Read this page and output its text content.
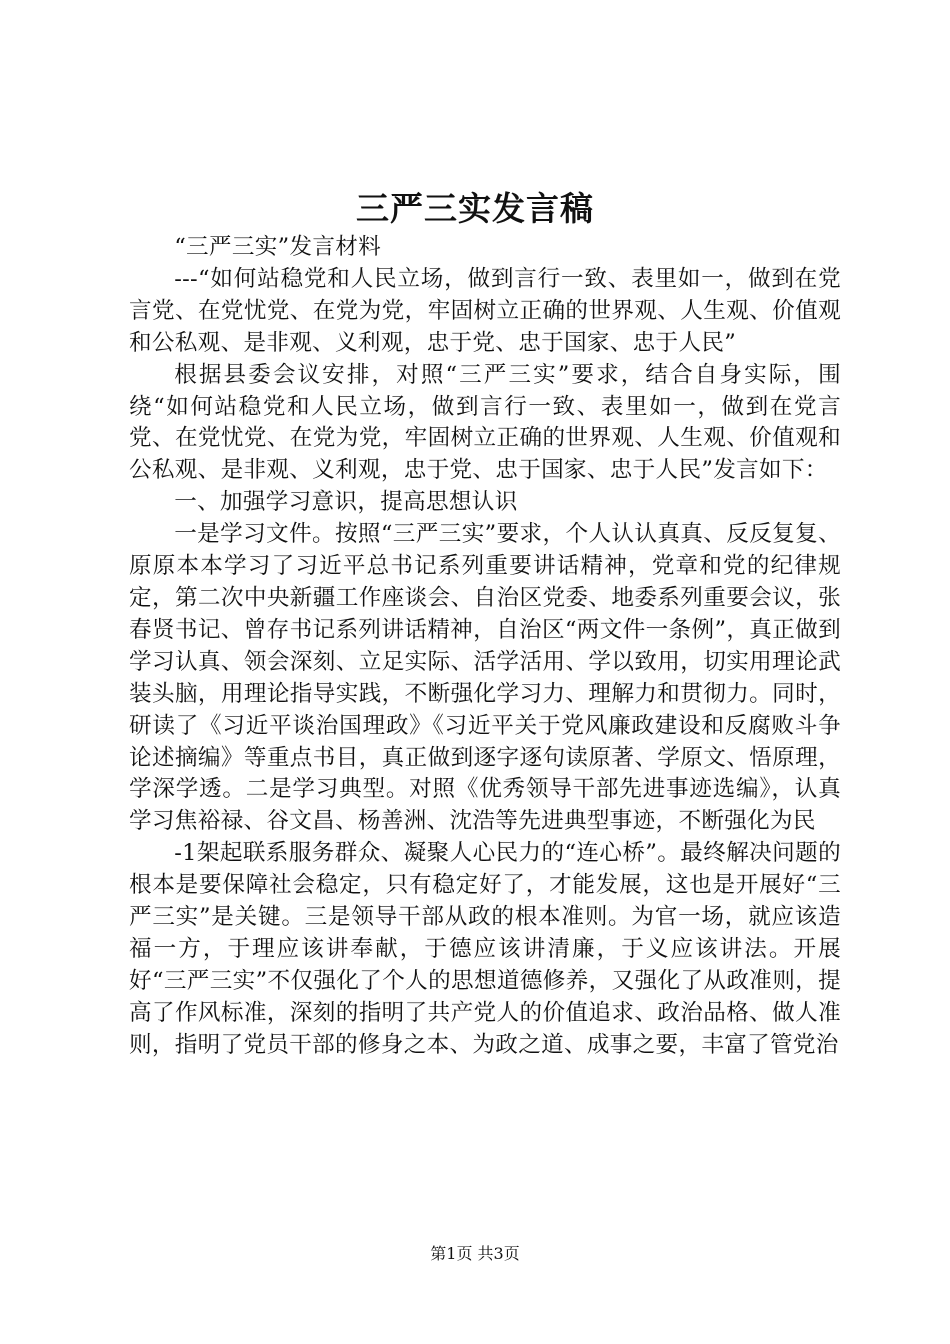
三严三实发言稿

“三严三实”发言材料

---“如何站稳党和人民立场，做到言行一致、表里如一，做到在党言党、在党忧党、在党为党，牢固树立正确的世界观、人生观、价值观和公私观、是非观、义利观，忠于党、忠于国家、忠于人民”

根据县委会议安排，对照“三严三实”要求，结合自身实际，围绕“如何站稳党和人民立场，做到言行一致、表里如一，做到在党言党、在党忧党、在党为党，牢固树立正确的世界观、人生观、价值观和公私观、是非观、义利观，忠于党、忠于国家、忠于人民”发言如下：

一、加强学习意识，提高思想认识

一是学习文件。按照“三严三实”要求，个人认认真真、反反复复、原原本本学习了习近平总书记系列重要讲话精神，党章和党的纪律规定，第二次中央新疆工作座谈会、自治区党委、地委系列重要会议，张春贤书记、曾存书记系列讲话精神，自治区“两文件一条例”，真正做到学习认真、领会深刻、立足实际、活学活用、学以致用，切实用理论武装头脑，用理论指导实践，不断强化学习力、理解力和贯彻力。同时，研读了《习近平谈治国理政》《习近平关于党风廉政建设和反腐败斗争论述摘编》等重点书目，真正做到逐字逐句读原著、学原文、悟原理，学深学透。二是学习典型。对照《优秀领导干部先进事迹选编》，认真学习焦裕禄、谷文昌、杨善洲、沈浩等先进典型事迹，不断强化为民

-1架起联系服务群众、凝聚人心民力的“连心桥”。最终解决问题的根本是要保障社会稳定，只有稳定好了，才能发展，这也是开展好“三严三实”是关键。三是领导干部从政的根本准则。为官一场，就应该造福一方，于理应该讲奉献，于德应该讲清廉，于义应该讲法。开展好“三严三实”不仅强化了个人的思想道德修养，又强化了从政准则，提高了作风标准，深刻的指明了共产党人的价值追求、政治品格、做人准则，指明了党员干部的修身之本、为政之道、成事之要，丰富了管党治

第1页 共3页
